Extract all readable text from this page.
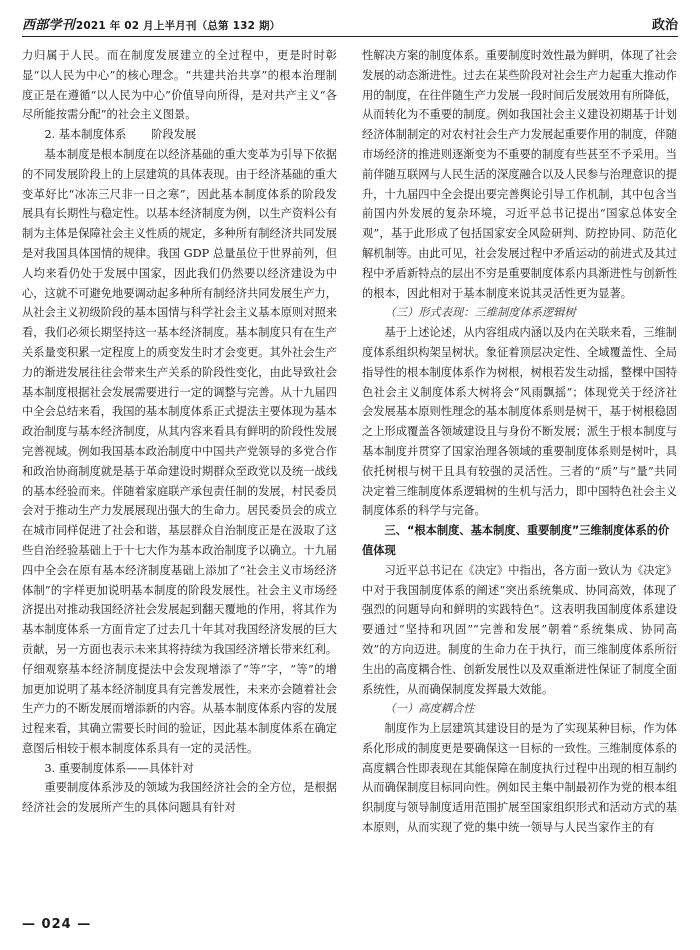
西部学刊2021 年 02 月上半月刊（总第 132 期）	政治

力归属于人民。而在制度发展建立的全过程中，更是时时彰显“以人民为中心”的核心理念。“共建共治共享”的根本治理制度正是在遵循“以人民为中心”价值导向所得，是对共产主义“各尽所能按需分配”的社会主义图景。

2. 基本制度体系 阶段发展

基本制度是根本制度在以经济基础的重大变革为引导下依据的不同发展阶段上的上层建筑的具体表现。由于经济基础的重大变革好比“冰冻三尺非一日之寒”，因此基本制度体系的阶段发展具有长期性与稳定性。以基本经济制度为例，以生产资料公有制为主体是保障社会主义性质的规定，多种所有制经济共同发展是对我国具体国情的规律。我国 GDP 总量虽位于世界前列，但人均来看仍处于发展中国家，因此我们仍然要以经济建设为中心，这就不可避免地要调动起多种所有制经济共同发展生产力，从社会主义初级阶段的基本国情与科学社会主义基本原则对照来看，我们必须长期坚持这一基本经济制度。基本制度只有在生产关系量变积累一定程度上的质变发生时才会变更。其外社会生产力的渐进发展往往会带来生产关系的阶段性变化，由此导致社会基本制度根据社会发展需要进行一定的调整与完善。从十九届四中全会总结来看，我国的基本制度体系正式提法主要体现为基本政治制度与基本经济制度，从其内容来看具有鲜明的阶段性发展完善视域。例如我国基本政治制度中中国共产党领导的多党合作和政治协商制度就是基于革命建设时期群众至政党以及统一战线的基本经验而来。伴随着家庭联产承包责任制的发展，村民委员会对于推动生产力发展展现出强大的生命力。居民委员会的成立在城市同样促进了社会和谐，基层群众自治制度正是在汲取了这些自治经验基础上于十七大作为基本政治制度予以确立。十九届四中全会在原有基本经济制度基础上添加了“社会主义市场经济体制”的字样更加说明基本制度的阶段发展性。社会主义市场经济提出对推动我国经济社会发展起到翻天覆地的作用，将其作为基本制度体系一方面肯定了过去几十年其对我国经济发展的巨大贡献，另一方面也表示未来其将持续为我国经济增长带来红利。仔细观察基本经济制度提法中会发现增添了“等”字，“等”的增加更加说明了基本经济制度具有完善发展性，未来亦会随着社会生产力的不断发展而增添新的内容。从基本制度体系内容的发展过程来看，其确立需要长时间的验证，因此基本制度体系在确定意图后相较于根本制度体系具有一定的灵活性。

3. 重要制度体系——具体针对

重要制度体系涉及的领域为我国经济社会的全方位，是根据经济社会的发展所产生的具体问题具有针对

性解决方案的制度体系。重要制度时效性最为鲜明，体现了社会发展的动态渐进性。过去在某些阶段对社会生产力起重大推动作用的制度，在往伴随生产力发展一段时间后发展效用有所降低，从而转化为不重要的制度。例如我国社会主义建设初期基于计划经济体制制定的对农村社会生产力发展起重要作用的制度，伴随市场经济的推进则逐渐变为不重要的制度有些甚至不予采用。当前伴随互联网与人民生活的深度融合以及人民参与治理意识的提升，十九届四中全会提出要完善舆论引导工作机制，其中包含当前国内外发展的复杂环境，习近平总书记提出“国家总体安全观”，基于此形成了包括国家安全风险研判、防控协同、防范化解机制等。由此可见，社会发展过程中矛盾运动的前进式及其过程中矛盾新特点的层出不穷是重要制度体系内具渐进性与创新性的根本，因此相对于基本制度来说其灵活性更为显著。

（三）形式表现：三维制度体系逻辑树

基于上述论述，从内容组成内涵以及内在关联来看，三维制度体系组织构架呈树状。象征着顶层决定性、全域覆盖性、全局指导性的根本制度体系作为树根，树根若发生动摇，整棵中国特色社会主义制度体系大树将会“风雨飘摇”；体现党关于经济社会发展基本原则性理念的基本制度体系则是树干，基于树根稳固之上形成覆盖各领域建设且与身份不断发展；派生于根本制度与基本制度并贯穿了国家治理各领域的重要制度体系则是树叶，具依托树根与树干且具有较强的灵活性。三者的“质”与“量”共同决定着三维制度体系逻辑树的生机与活力，即中国特色社会主义制度体系的科学与完备。

三、“根本制度、基本制度、重要制度”三维制度体系的价值体现

习近平总书记在《决定》中指出，各方面一致认为《决定》中对于我国制度体系的阐述“突出系统集成、协同高效，体现了强烈的问题导向和鲜明的实践特色”。这表明我国制度体系建设要通过“坚持和巩固”“完善和发展”朝着“系统集成、协同高效”的方向迈进。制度的生命力在于执行，而三维制度体系所衍生出的高度耦合性、创新发展性以及双重渐进性保证了制度全面系统性，从而确保制度发挥最大效能。

（一）高度耦合性

制度作为上层建筑其建设目的是为了实现某种目标，作为体系化形成的制度更是要确保这一目标的一致性。三维制度体系的高度耦合性即表现在其能保障在制度执行过程中出现的相互制约从而确保制度目标同向性。例如民主集中制最初作为党的根本组织制度与领导制度适用范围扩展至国家组织形式和活动方式的基本原则，从而实现了党的集中统一领导与人民当家作主的有

— 024 —
